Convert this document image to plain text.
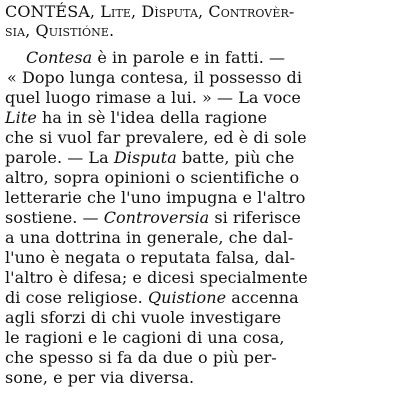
CONTÉSA, Lite, Dìsputa, Controvèr-
sia, Quistióne.
Contesa è in parole e in fatti. —
« Dopo lunga contesa, il possesso di
quel luogo rimase a lui. » — La voce
Lite ha in sè l'idea della ragione
che si vuol far prevalere, ed è di sole
parole. — La Disputa batte, più che
altro, sopra opinioni o scientifiche o
letterarie che l'uno impugna e l'altro
sostiene. — Controversia si riferisce
a una dottrina in generale, che dal-
l'uno è negata o reputata falsa, dal-
l'altro è difesa; e dicesi specialmente
di cose religiose. Quistione accenna
agli sforzi di chi vuole investigare
le ragioni e le cagioni di una cosa,
che spesso si fa da due o più per-
sone, e per via diversa.
